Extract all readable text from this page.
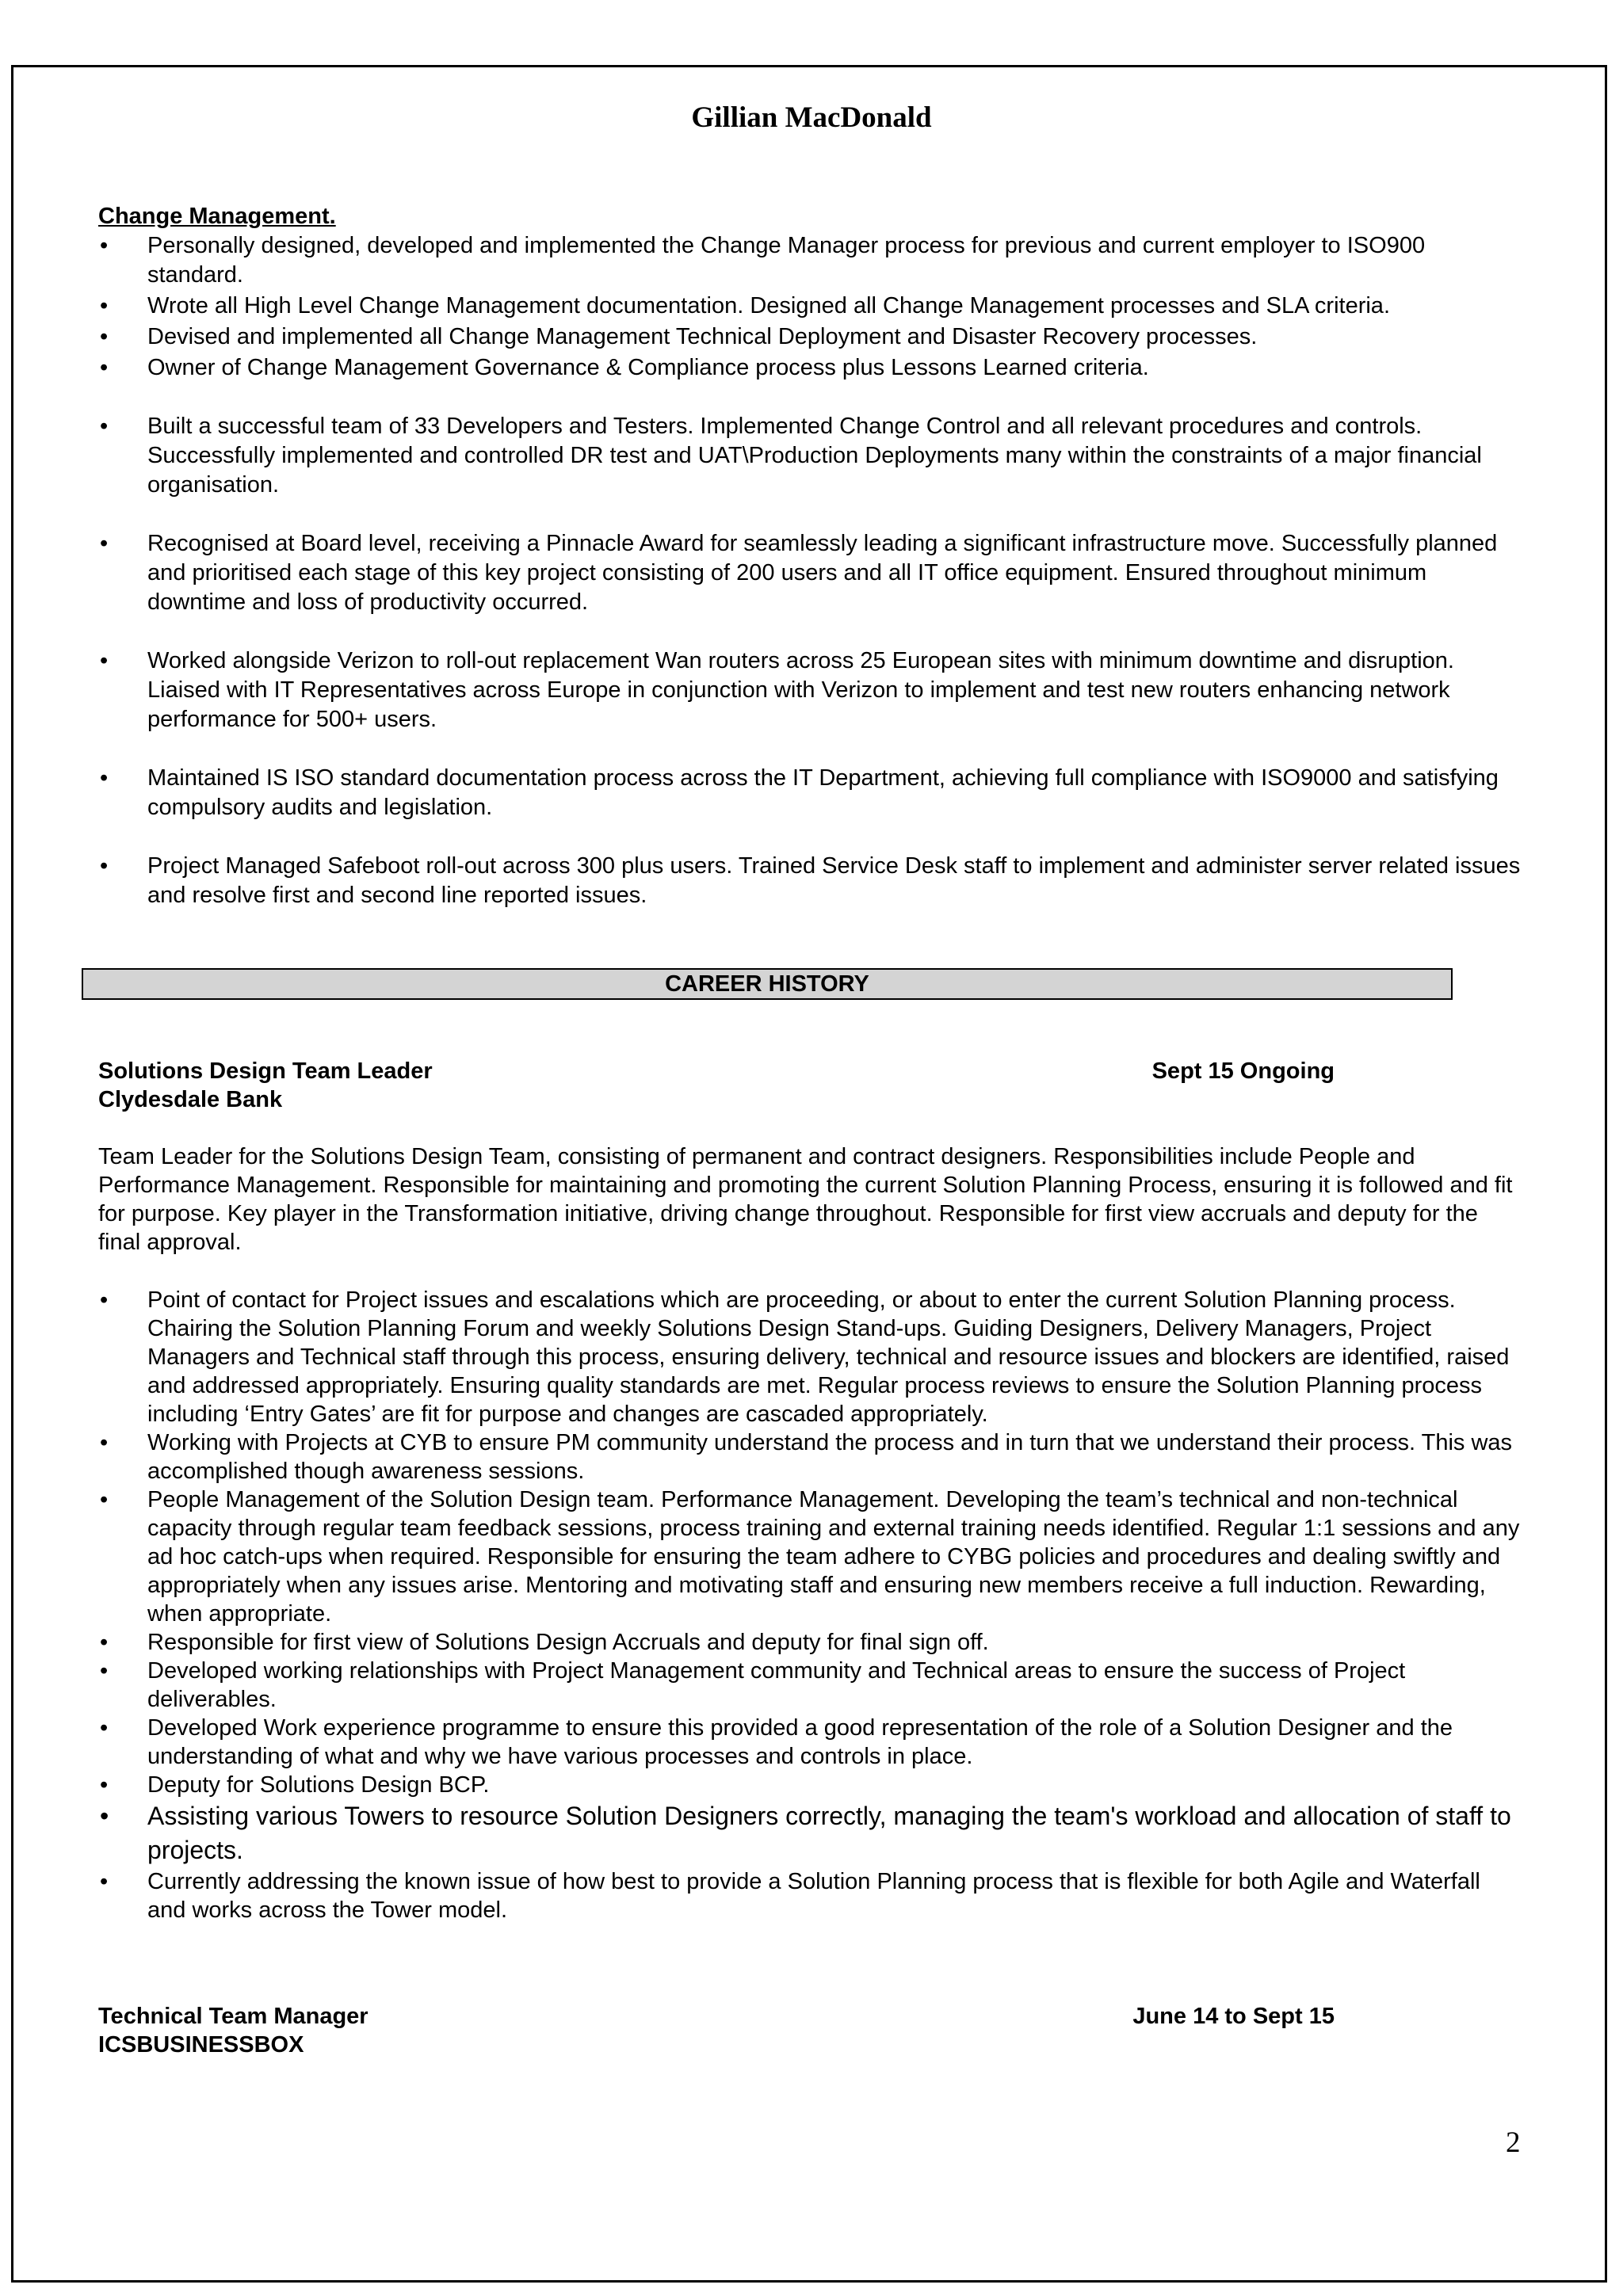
Gillian MacDonald
Change Management.
• Personally designed, developed and implemented the Change Manager process for previous and current employer to ISO900 standard.
• Wrote all High Level Change Management documentation. Designed all Change Management processes and SLA criteria.
• Devised and implemented all Change Management Technical Deployment and Disaster Recovery processes.
• Owner of Change Management Governance & Compliance process plus Lessons Learned criteria.
• Built a successful team of 33 Developers and Testers. Implemented Change Control and all relevant procedures and controls. Successfully implemented and controlled DR test and UAT\Production Deployments many within the constraints of a major financial organisation.
• Recognised at Board level, receiving a Pinnacle Award for seamlessly leading a significant infrastructure move. Successfully planned and prioritised each stage of this key project consisting of 200 users and all IT office equipment. Ensured throughout minimum downtime and loss of productivity occurred.
• Worked alongside Verizon to roll-out replacement Wan routers across 25 European sites with minimum downtime and disruption. Liaised with IT Representatives across Europe in conjunction with Verizon to implement and test new routers enhancing network performance for 500+ users.
• Maintained IS ISO standard documentation process across the IT Department, achieving full compliance with ISO9000 and satisfying compulsory audits and legislation.
• Project Managed Safeboot roll-out across 300 plus users. Trained Service Desk staff to implement and administer server related issues and resolve first and second line reported issues.
CAREER HISTORY
Solutions Design Team Leader	Sept 15 Ongoing
Clydesdale Bank

Team Leader for the Solutions Design Team, consisting of permanent and contract designers. Responsibilities include People and Performance Management. Responsible for maintaining and promoting the current Solution Planning Process, ensuring it is followed and fit for purpose. Key player in the Transformation initiative, driving change throughout. Responsible for first view accruals and deputy for the final approval.

• Point of contact for Project issues and escalations which are proceeding, or about to enter the current Solution Planning process. Chairing the Solution Planning Forum and weekly Solutions Design Stand-ups. Guiding Designers, Delivery Managers, Project Managers and Technical staff through this process, ensuring delivery, technical and resource issues and blockers are identified, raised and addressed appropriately. Ensuring quality standards are met. Regular process reviews to ensure the Solution Planning process including ‘Entry Gates’ are fit for purpose and changes are cascaded appropriately.
• Working with Projects at CYB to ensure PM community understand the process and in turn that we understand their process. This was accomplished though awareness sessions.
• People Management of the Solution Design team. Performance Management. Developing the team’s technical and non-technical capacity through regular team feedback sessions, process training and external training needs identified. Regular 1:1 sessions and any ad hoc catch-ups when required. Responsible for ensuring the team adhere to CYBG policies and procedures and dealing swiftly and appropriately when any issues arise. Mentoring and motivating staff and ensuring new members receive a full induction. Rewarding, when appropriate.
• Responsible for first view of Solutions Design Accruals and deputy for final sign off.
• Developed working relationships with Project Management community and Technical areas to ensure the success of Project deliverables.
• Developed Work experience programme to ensure this provided a good representation of the role of a Solution Designer and the understanding of what and why we have various processes and controls in place.
• Deputy for Solutions Design BCP.
• Assisting various Towers to resource Solution Designers correctly, managing the team's workload and allocation of staff to projects.
• Currently addressing the known issue of how best to provide a Solution Planning process that is flexible for both Agile and Waterfall and works across the Tower model.
Technical Team Manager	June 14 to Sept 15
ICSBUSINESSBOX
2
